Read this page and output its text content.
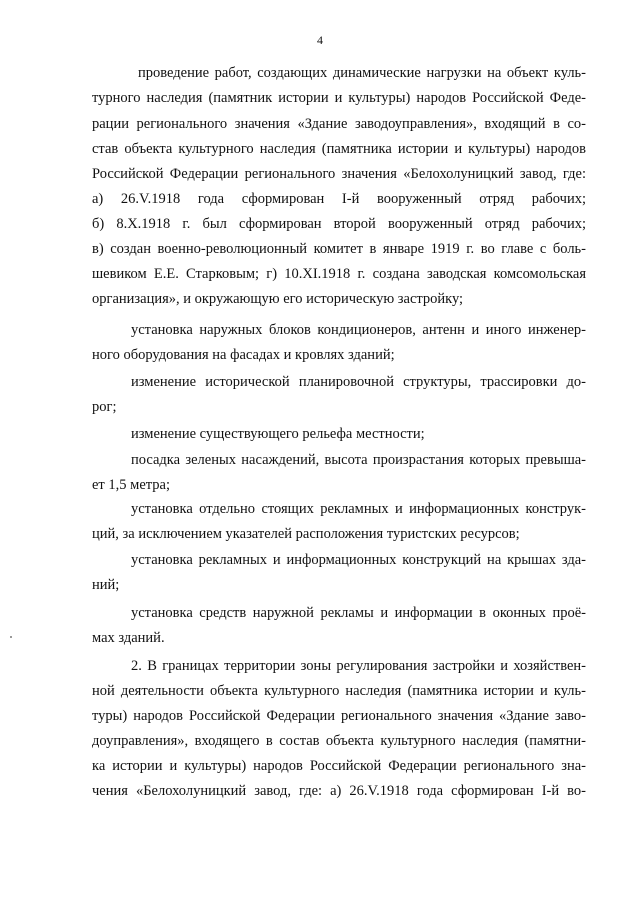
4
проведение работ, создающих динамические нагрузки на объект куль-
турного наследия (памятник истории и культуры) народов Российской Феде-
рации регионального значения «Здание заводоуправления», входящий в со-
став объекта культурного наследия (памятника истории и культуры) народов
Российской Федерации регионального значения «Белохолуницкий завод, где:
а) 26.V.1918 года сформирован I-й вооруженный отряд рабочих;
б) 8.X.1918 г. был сформирован второй вооруженный отряд рабочих;
в) создан военно-революционный комитет в январе 1919 г. во главе с боль-
шевиком Е.Е. Старковым; г) 10.XI.1918 г. создана заводская комсомольская
организация», и окружающую его историческую застройку;
установка наружных блоков кондиционеров, антенн и иного инженер-
ного оборудования на фасадах и кровлях зданий;
изменение исторической планировочной структуры, трассировки до-
рог;
изменение существующего рельефа местности;
посадка зеленых насаждений, высота произрастания которых превыша-
ет 1,5 метра;
установка отдельно стоящих рекламных и информационных конструк-
ций, за исключением указателей расположения туристских ресурсов;
установка рекламных и информационных конструкций на крышах зда-
ний;
установка средств наружной рекламы и информации в оконных проё-
мах зданий.
2. В границах территории зоны регулирования застройки и хозяйствен-
ной деятельности объекта культурного наследия (памятника истории и куль-
туры) народов Российской Федерации регионального значения «Здание заво-
доуправления», входящего в состав объекта культурного наследия (памятни-
ка истории и культуры) народов Российской Федерации регионального зна-
чения «Белохолуницкий завод, где: а) 26.V.1918 года сформирован I-й во-
